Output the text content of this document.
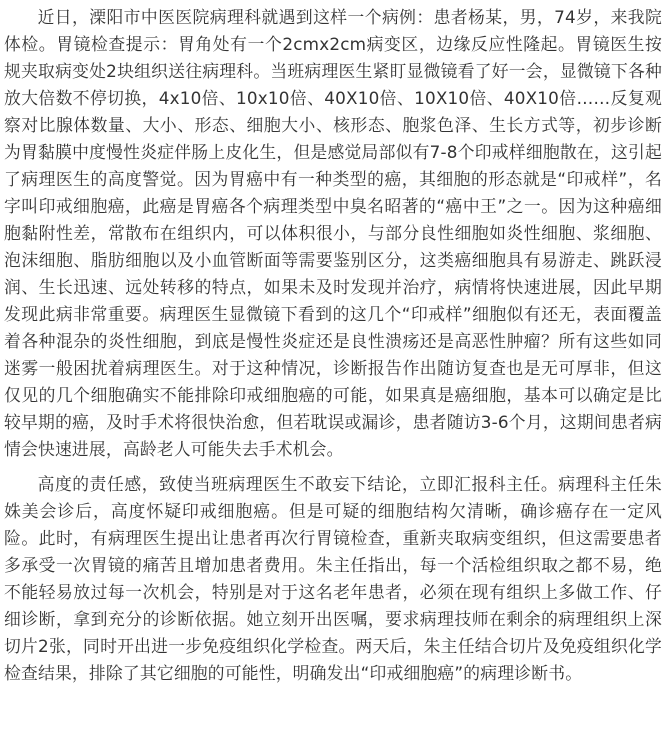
近日，溧阳市中医医院病理科就遇到这样一个病例：患者杨某，男，74岁，来我院体检。胃镜检查提示：胃角处有一个2cmx2cm病变区，边缘反应性隆起。胃镜医生按规夹取病变处2块组织送往病理科。当班病理医生紧盯显微镜看了好一会，显微镜下各种放大倍数不停切换，4x10倍、10x10倍、40X10倍、10X10倍、40X10倍……反复观察对比腺体数量、大小、形态、细胞大小、核形态、胞浆色泽、生长方式等，初步诊断为胃黏膜中度慢性炎症伴肠上皮化生，但是感觉局部似有7-8个印戒样细胞散在，这引起了病理医生的高度警觉。因为胃癌中有一种类型的癌，其细胞的形态就是“印戒样”，名字叫印戒细胞癌，此癌是胃癌各个病理类型中臭名昭著的“癌中王”之一。因为这种癌细胞黏附性差，常散布在组织内，可以体积很小，与部分良性细胞如炎性细胞、浆细胞、泡沫细胞、脂肪细胞以及小血管断面等需要鉴别区分，这类癌细胞具有易游走、跳跃浸润、生长迅速、远处转移的特点，如果未及时发现并治疗，病情将快速进展，因此早期发现此病非常重要。病理医生显微镜下看到的这几个“印戒样”细胞似有还无，表面覆盖着各种混杂的炎性细胞，到底是慢性炎症还是良性溃疡还是高恶性肿瘤？所有这些如同迷雾一般困扰着病理医生。对于这种情况，诊断报告作出随访复查也是无可厚非，但这仅见的几个细胞确实不能排除印戒细胞癌的可能，如果真是癌细胞，基本可以确定是比较早期的癌，及时手术将很快治愈，但若耽误或漏诊，患者随访3-6个月，这期间患者病情会快速进展，高龄老人可能失去手术机会。

高度的责任感，致使当班病理医生不敢妄下结论，立即汇报科主任。病理科主任朱姝美会诊后，高度怀疑印戒细胞癌。但是可疑的细胞结构欠清晰，确诊癌存在一定风险。此时，有病理医生提出让患者再次行胃镜检查，重新夹取病变组织，但这需要患者多承受一次胃镜的痛苦且增加患者费用。朱主任指出，每一个活检组织取之都不易，绝不能轻易放过每一次机会，特别是对于这名老年患者，必须在现有组织上多做工作、仔细诊断，拿到充分的诊断依据。她立刻开出医嘱，要求病理技师在剩余的病理组织上深切片2张，同时开出进一步免疫组织化学检查。两天后，朱主任结合切片及免疫组织化学检查结果，排除了其它细胞的可能性，明确发出“印戒细胞癌”的病理诊断书。
